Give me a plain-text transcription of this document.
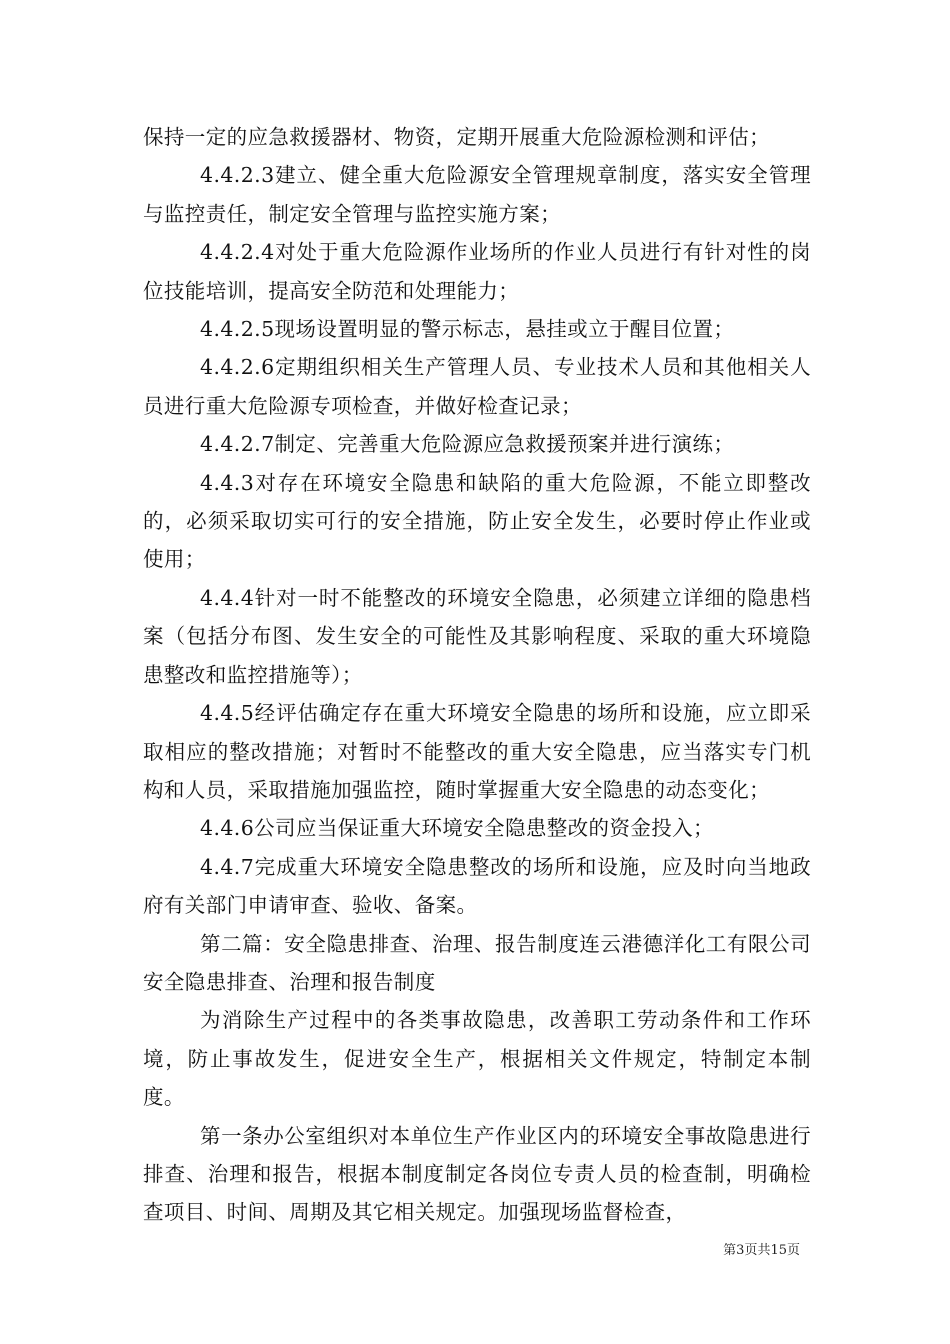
保持一定的应急救援器材、物资，定期开展重大危险源检测和评估；

4.4.2.3建立、健全重大危险源安全管理规章制度，落实安全管理与监控责任，制定安全管理与监控实施方案；

4.4.2.4对处于重大危险源作业场所的作业人员进行有针对性的岗位技能培训，提高安全防范和处理能力；

4.4.2.5现场设置明显的警示标志，悬挂或立于醒目位置；

4.4.2.6定期组织相关生产管理人员、专业技术人员和其他相关人员进行重大危险源专项检查，并做好检查记录；

4.4.2.7制定、完善重大危险源应急救援预案并进行演练；

4.4.3对存在环境安全隐患和缺陷的重大危险源，不能立即整改的，必须采取切实可行的安全措施，防止安全发生，必要时停止作业或使用；

4.4.4针对一时不能整改的环境安全隐患，必须建立详细的隐患档案（包括分布图、发生安全的可能性及其影响程度、采取的重大环境隐患整改和监控措施等）；

4.4.5经评估确定存在重大环境安全隐患的场所和设施，应立即采取相应的整改措施；对暂时不能整改的重大安全隐患，应当落实专门机构和人员，采取措施加强监控，随时掌握重大安全隐患的动态变化；

4.4.6公司应当保证重大环境安全隐患整改的资金投入；

4.4.7完成重大环境安全隐患整改的场所和设施，应及时向当地政府有关部门申请审查、验收、备案。

第二篇：安全隐患排查、治理、报告制度连云港德洋化工有限公司安全隐患排查、治理和报告制度

为消除生产过程中的各类事故隐患，改善职工劳动条件和工作环境，防止事故发生，促进安全生产，根据相关文件规定，特制定本制度。

第一条办公室组织对本单位生产作业区内的环境安全事故隐患进行排查、治理和报告，根据本制度制定各岗位专责人员的检查制，明确检查项目、时间、周期及其它相关规定。加强现场监督检查，

第3页共15页
